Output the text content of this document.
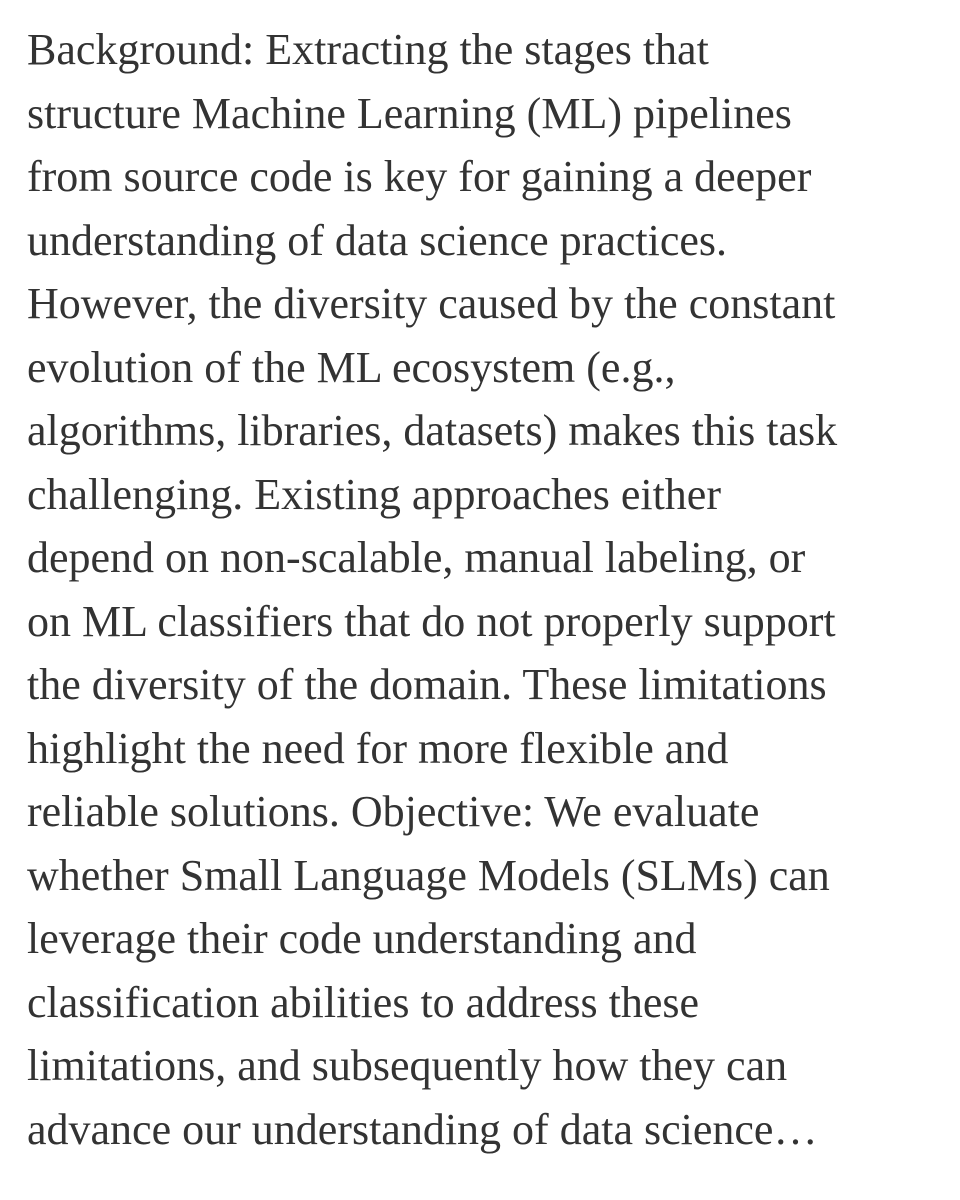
Background: Extracting the stages that
structure Machine Learning (ML) pipelines
from source code is key for gaining a deeper
understanding of data science practices.
However, the diversity caused by the constant
evolution of the ML ecosystem (e.g.,
algorithms, libraries, datasets) makes this task
challenging. Existing approaches either
depend on non-scalable, manual labeling, or
on ML classifiers that do not properly support
the diversity of the domain. These limitations
highlight the need for more flexible and
reliable solutions. Objective: We evaluate
whether Small Language Models (SLMs) can
leverage their code understanding and
classification abilities to address these
limitations, and subsequently how they can
advance our understanding of data science…
